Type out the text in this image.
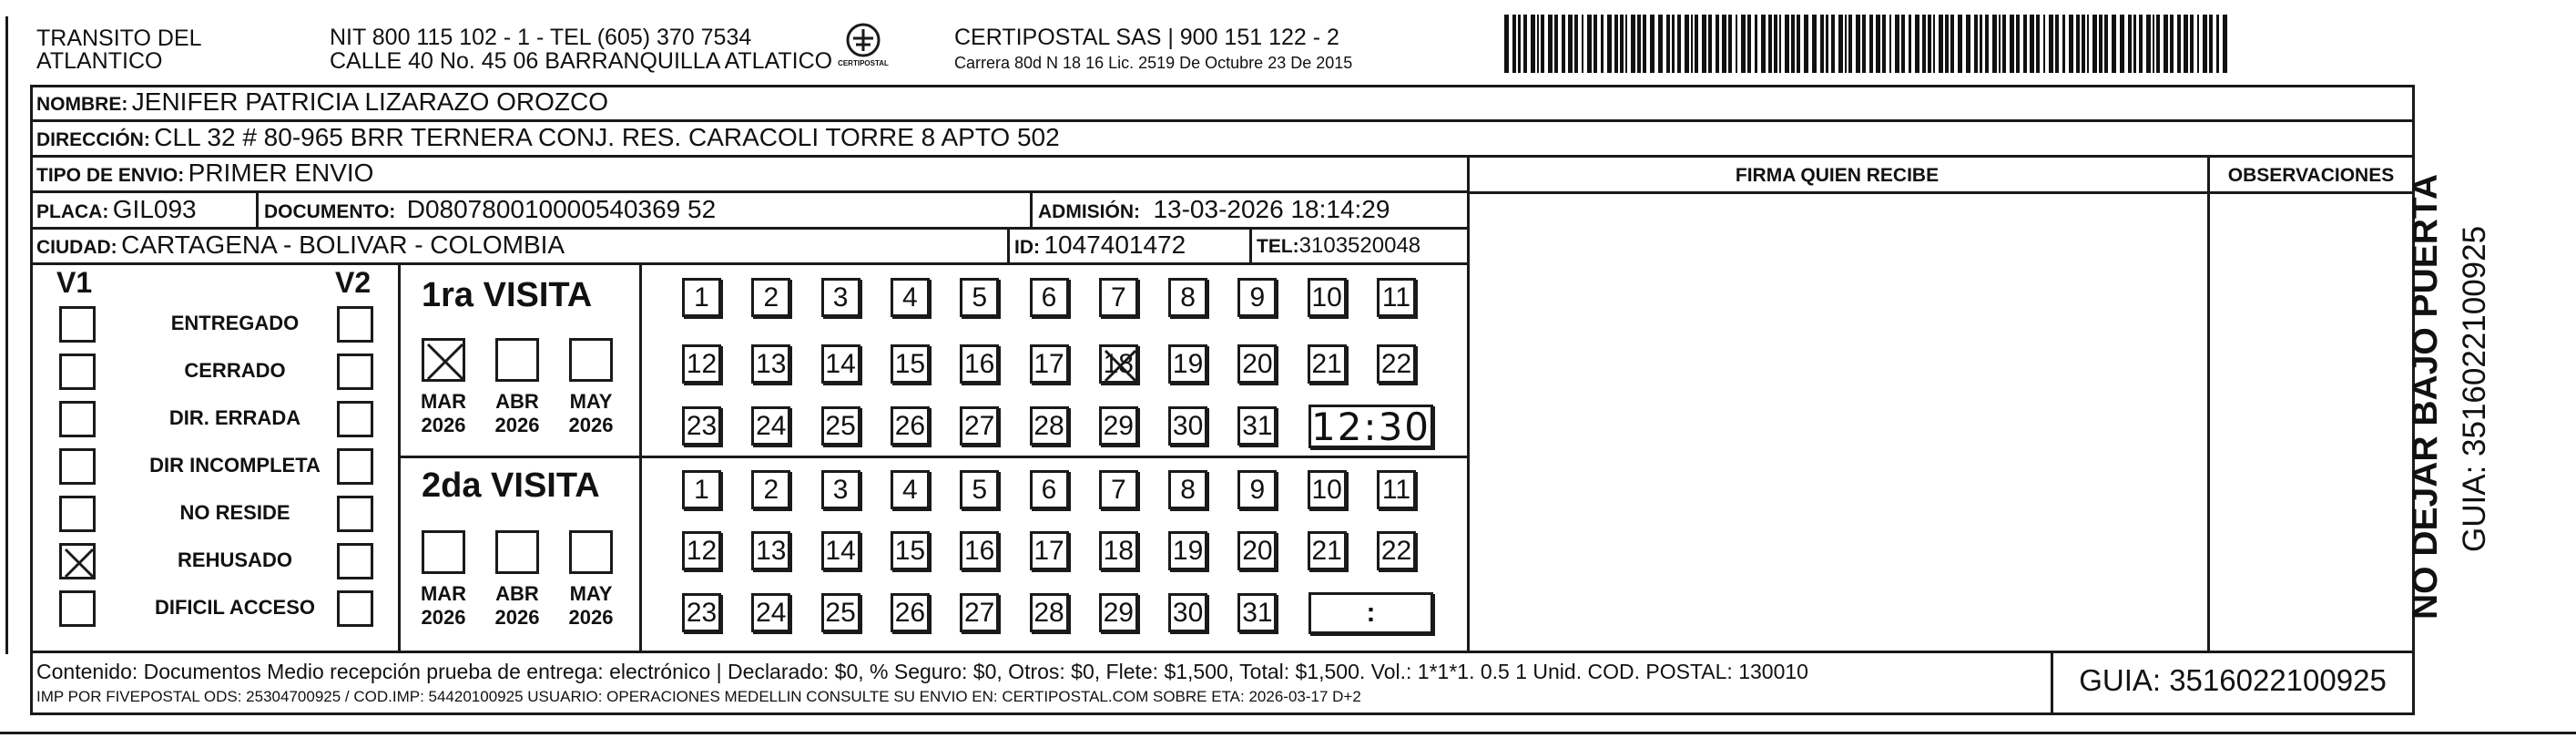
TRANSITO DEL
ATLANTICO
NIT 800 115 102 - 1 - TEL (605) 370 7534
CALLE 40 No. 45 06 BARRANQUILLA ATLATICO CERTIPOSTAL
CERTIPOSTAL SAS | 900 151 122 - 2
Carrera 80d N 18 16 Lic. 2519 De Octubre 23 De 2015
NOMBRE: JENIFER PATRICIA LIZARAZO OROZCO
DIRECCIÓN: CLL 32 # 80-965 BRR TERNERA CONJ. RES. CARACOLI TORRE 8 APTO 502
TIPO DE ENVIO: PRIMER ENVIO	FIRMA QUIEN RECIBE	OBSERVACIONES
PLACA: GIL093	DOCUMENTO: D080780010000540369 52	ADMISIÓN: 13-03-2026 18:14:29
CIUDAD: CARTAGENA - BOLIVAR - COLOMBIA	ID: 1047401472	TEL:3103520048
V1	V2
ENTREGADO
CERRADO
DIR. ERRADA
DIR INCOMPLETA
NO RESIDE
REHUSADO
DIFICIL ACCESO
1ra VISITA
MAR
2026
ABR
2026
MAY
2026
1 2 3 4 5 6 7 8 9 10 11
12 13 14 15 16 17 18 19 20 21 22
23 24 25 26 27 28 29 30 31 12:30
2da VISITA
MAR
2026
ABR
2026
MAY
2026
1 2 3 4 5 6 7 8 9 10 11
12 13 14 15 16 17 18 19 20 21 22
23 24 25 26 27 28 29 30 31	:
Contenido: Documentos Medio recepción prueba de entrega: electrónico | Declarado: $0, % Seguro: $0, Otros: $0, Flete: $1,500, Total: $1,500. Vol.: 1*1*1. 0.5 1 Unid. COD. POSTAL: 130010
IMP POR FIVEPOSTAL ODS: 25304700925 / COD.IMP: 54420100925 USUARIO: OPERACIONES MEDELLIN CONSULTE SU ENVIO EN: CERTIPOSTAL.COM SOBRE ETA: 2026-03-17 D+2	GUIA: 3516022100925
NO DEJAR BAJO PUERTA GUIA: 3516022100925
